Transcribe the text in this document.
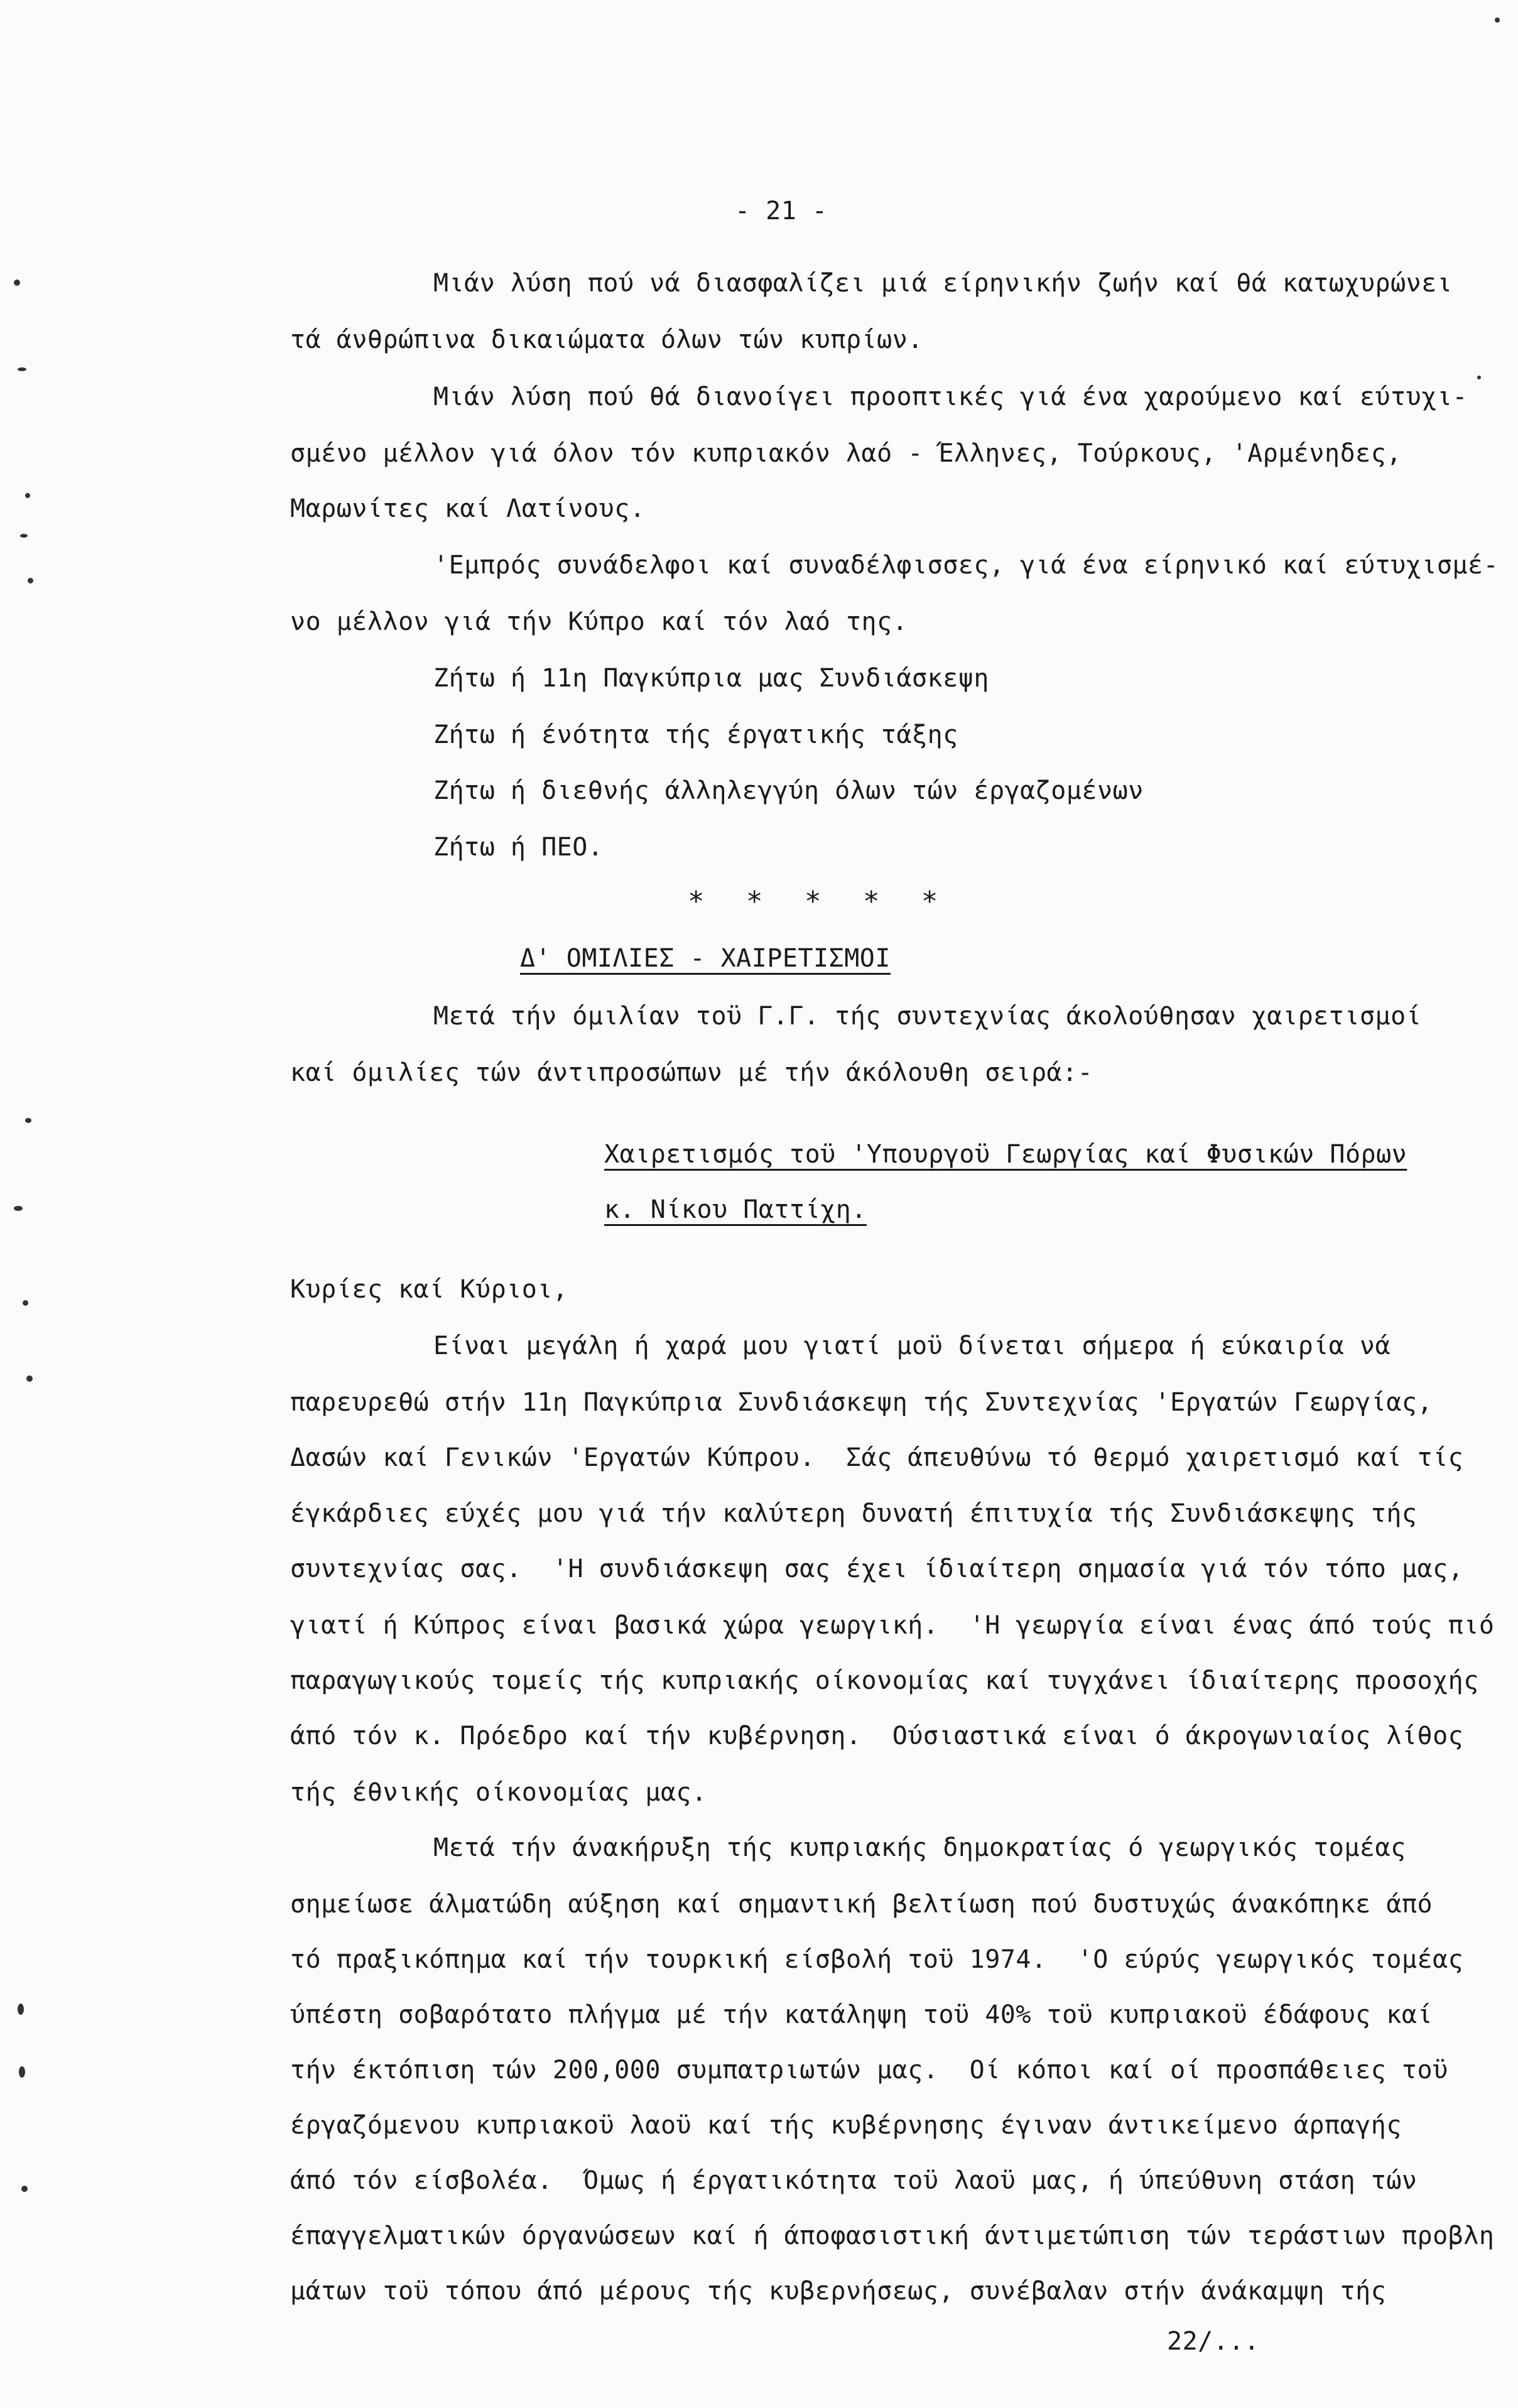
- 21 -
Μιάν λύση πού νά διασφαλίζει μιά είρηνικήν ζωήν καί θά κατωχυρώνει
τά άνθρώπινα δικαιώματα όλων τών κυπρίων.
Μιάν λύση πού θά διανοίγει προοπτικές γιά ένα χαρούμενο καί εύτυχι-
σμένο μέλλον γιά όλον τόν κυπριακόν λαό - Έλληνες, Τούρκους, 'Αρμένηδες,
Μαρωνίτες καί Λατίνους.
'Εμπρός συνάδελφοι καί συναδέλφισσες, γιά ένα είρηνικό καί εύτυχισμέ-
νο μέλλον γιά τήν Κύπρο καί τόν λαό της.
Ζήτω ή 11η Παγκύπρια μας Συνδιάσκεψη
Ζήτω ή ένότητα τής έργατικής τάξης
Ζήτω ή διεθνής άλληλεγγύη όλων τών έργαζομένων
Ζήτω ή ΠΕΟ.
* * * * *
Δ' ΟΜΙΛΙΕΣ - ΧΑΙΡΕΤΙΣΜΟΙ
Μετά τήν όμιλίαν τοϋ Γ.Γ. τής συντεχνίας άκολούθησαν χαιρετισμοί
καί όμιλίες τών άντιπροσώπων μέ τήν άκόλουθη σειρά:-
Χαιρετισμός τοϋ 'Υπουργοϋ Γεωργίας καί Φυσικών Πόρων
κ. Νίκου Παττίχη.
Κυρίες καί Κύριοι,
Είναι μεγάλη ή χαρά μου γιατί μοϋ δίνεται σήμερα ή εύκαιρία νά
παρευρεθώ στήν 11η Παγκύπρια Συνδιάσκεψη τής Συντεχνίας 'Εργατών Γεωργίας,
Δασών καί Γενικών 'Εργατών Κύπρου.  Σάς άπευθύνω τό θερμό χαιρετισμό καί τίς
έγκάρδιες εύχές μου γιά τήν καλύτερη δυνατή έπιτυχία τής Συνδιάσκεψης τής
συντεχνίας σας.  'Η συνδιάσκεψη σας έχει ίδιαίτερη σημασία γιά τόν τόπο μας,
γιατί ή Κύπρος είναι βασικά χώρα γεωργική.  'Η γεωργία είναι ένας άπό τούς πιό
παραγωγικούς τομείς τής κυπριακής οίκονομίας καί τυγχάνει ίδιαίτερης προσοχής
άπό τόν κ. Πρόεδρο καί τήν κυβέρνηση.  Ούσιαστικά είναι ό άκρογωνιαίος λίθος
τής έθνικής οίκονομίας μας.
Μετά τήν άνακήρυξη τής κυπριακής δημοκρατίας ό γεωργικός τομέας
σημείωσε άλματώδη αύξηση καί σημαντική βελτίωση πού δυστυχώς άνακόπηκε άπό
τό πραξικόπημα καί τήν τουρκική είσβολή τοϋ 1974.  'Ο εύρύς γεωργικός τομέας
ύπέστη σοβαρότατο πλήγμα μέ τήν κατάληψη τοϋ 40% τοϋ κυπριακοϋ έδάφους καί
τήν έκτόπιση τών 200,000 συμπατριωτών μας.  Οί κόποι καί οί προσπάθειες τοϋ
έργαζόμενου κυπριακοϋ λαοϋ καί τής κυβέρνησης έγιναν άντικείμενο άρπαγής
άπό τόν είσβολέα.  Όμως ή έργατικότητα τοϋ λαοϋ μας, ή ύπεύθυνη στάση τών
έπαγγελματικών όργανώσεων καί ή άποφασιστική άντιμετώπιση τών τεράστιων προβλη
μάτων τοϋ τόπου άπό μέρους τής κυβερνήσεως, συνέβαλαν στήν άνάκαμψη τής
22/...
